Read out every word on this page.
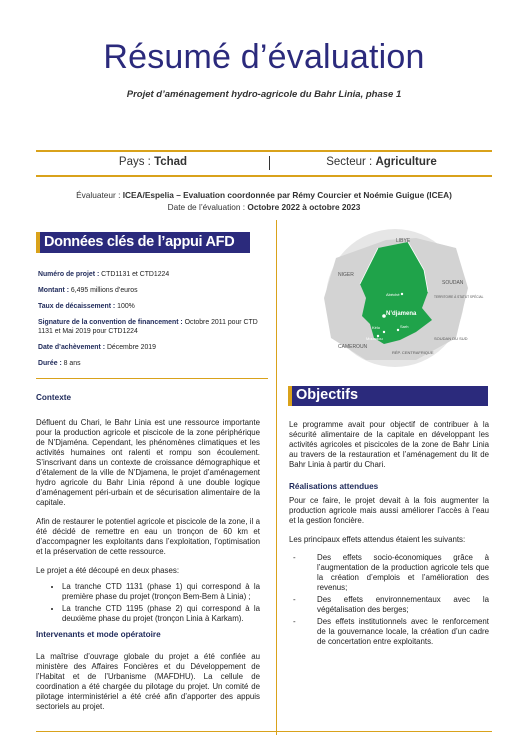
Résumé d’évaluation
Projet d’aménagement hydro-agricole du Bahr Linia, phase 1
Pays : Tchad	Secteur : Agriculture
Évaluateur : ICEA/Espelia – Evaluation coordonnée par Rémy Courcier et Noémie Guigue (ICEA)
Date de l’évaluation : Octobre 2022 à octobre 2023
Données clés de l’appui AFD

Numéro de projet : CTD1131 et CTD1224

Montant : 6,495 millions d’euros

Taux de décaissement : 100%

Signature de la convention de financement : Octobre 2011 pour CTD 1131 et Mai 2019 pour CTD1224

Date d’achèvement : Décembre 2019

Durée : 8 ans

LIBYE
NIGER
SOUDAN
TERRITOIRE À STATUT SPÉCIAL
Abéché
N’djamena
Kélo	Sarh
Moundou
CAMEROUN
RÉP. CENTRAFRIQUE
SOUDAN DU SUD
Contexte

Défluent du Chari, le Bahr Linia est une ressource importante pour la production agricole et piscicole de la zone périphérique de N’Djaména. Cependant, les phénomènes climatiques et les activités humaines ont ralenti et rompu son écoulement. S’inscrivant dans un contexte de croissance démographique et d’étalement de la ville de N’Djamena, le projet d’aménagement hydro agricole du Bahr Linia répond à une double logique d’aménagement péri-urbain et de sécurisation alimentaire de la capitale.

Afin de restaurer le potentiel agricole et piscicole de la zone, il a été décidé de remettre en eau un tronçon de 60 km et d’accompagner les exploitants dans l’exploitation, l’optimisation et la préservation de cette ressource.

Le projet a été découpé en deux phases:

• La tranche CTD 1131 (phase 1) qui correspond à la première phase du projet (tronçon Bem-Bem à Linia) ;
• La tranche CTD 1195 (phase 2) qui correspond à la deuxième phase du projet (tronçon Linia à Karkam).
Intervenants et mode opératoire

La maîtrise d’ouvrage globale du projet a été confiée au ministère des Affaires Foncières et du Développement de l’Habitat et de l’Urbanisme (MAFDHU). La cellule de coordination a été chargée du pilotage du projet. Un comité de pilotage interministériel a été créé afin d’apporter des appuis sectoriels au projet.

Objectifs

Le programme avait pour objectif de contribuer à la sécurité alimentaire de la capitale en développant les activités agricoles et piscicoles de la zone de Bahr Linia au travers de la restauration et l’aménagement du lit de Bahr Linia à partir du Chari.

Réalisations attendues

Pour ce faire, le projet devait à la fois augmenter la production agricole mais aussi améliorer l’accès à l’eau et la gestion foncière.

Les principaux effets attendus étaient les suivants:

- Des effets socio-économiques grâce à l’augmentation de la production agricole tels que la création d’emplois et l’amélioration des revenus;
- Des effets environnementaux avec la végétalisation des berges;
- Des effets institutionnels avec le renforcement de la gouvernance locale, la création d’un cadre de concertation entre exploitants.
